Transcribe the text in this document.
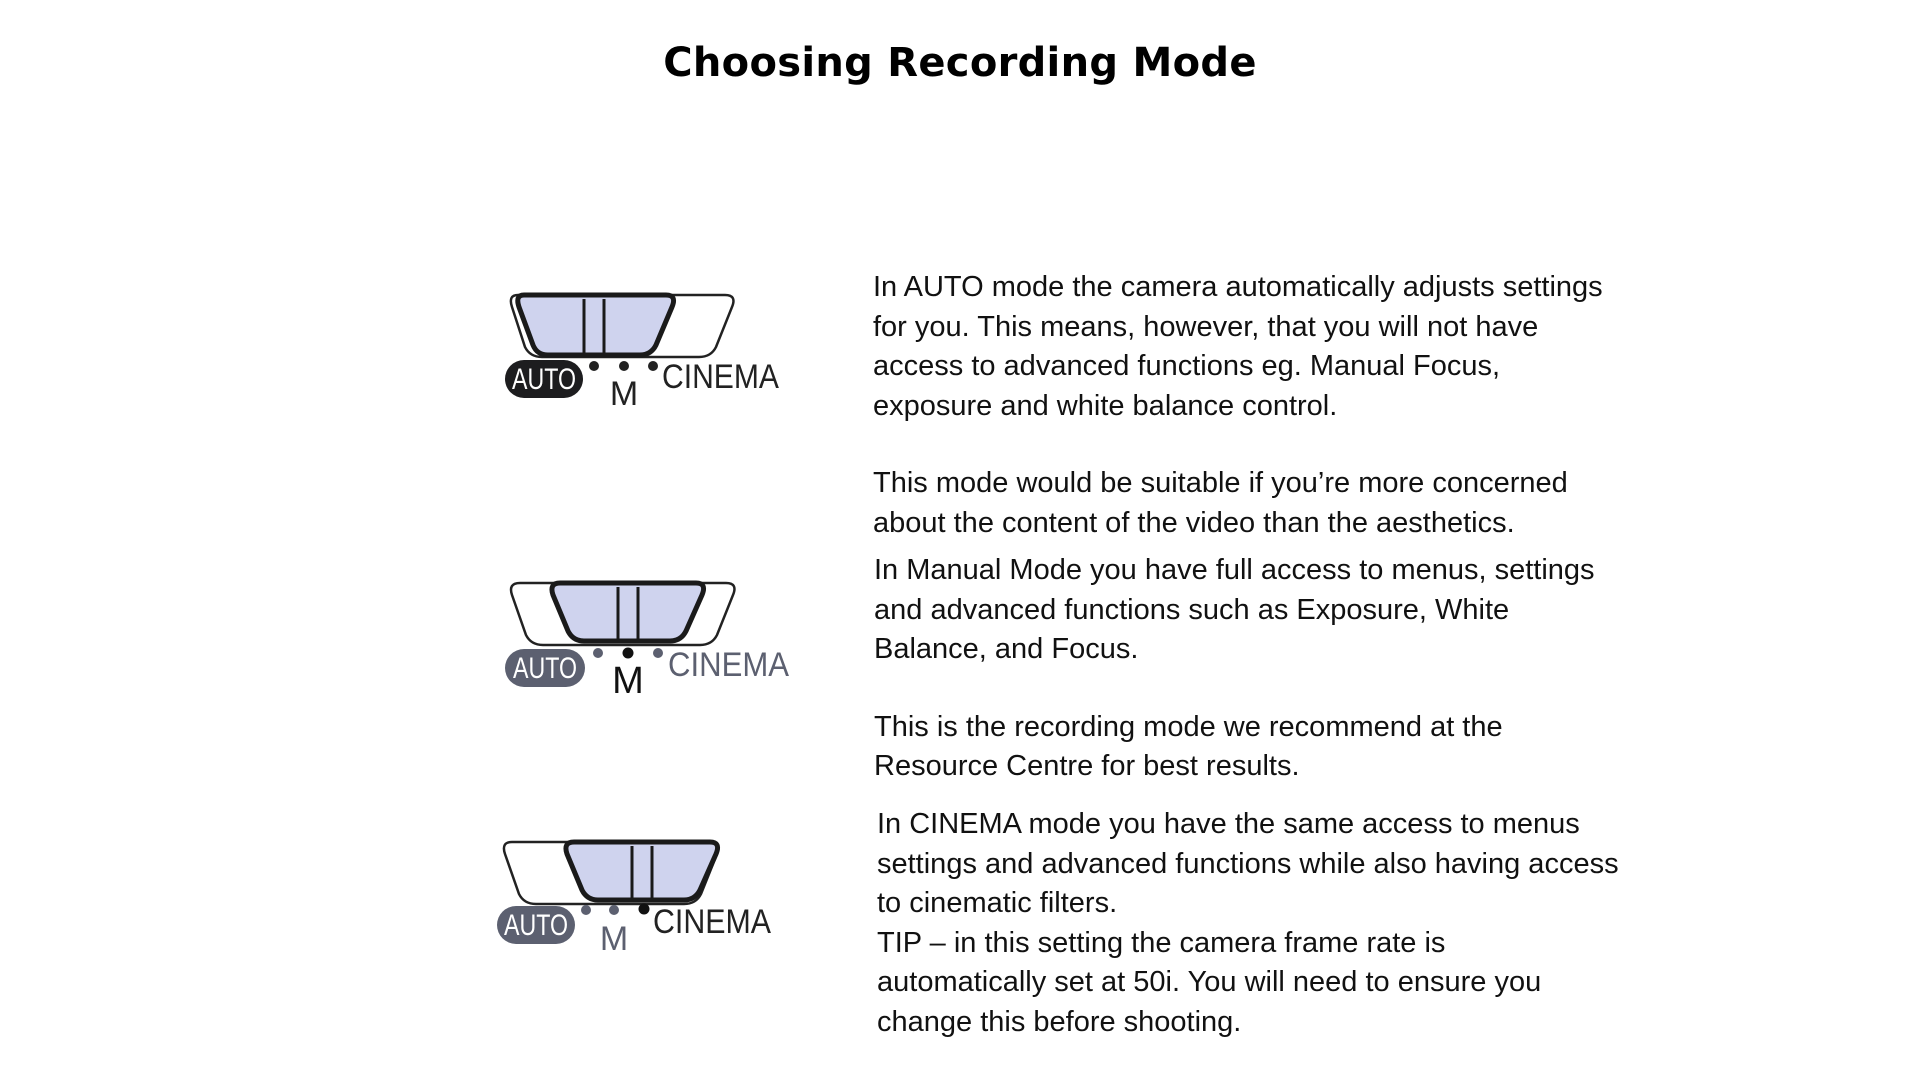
Choosing Recording Mode
AUTO M CINEMA
AUTO M CINEMA
AUTO M CINEMA

In AUTO mode the camera automatically adjusts settings for you. This means, however, that you will not have access to advanced functions eg. Manual Focus, exposure and white balance control.

This mode would be suitable if you’re more concerned about the content of the video than the aesthetics.

In Manual Mode you have full access to menus, settings and advanced functions such as Exposure, White Balance, and Focus.

This is the recording mode we recommend at the Resource Centre for best results.

In CINEMA mode you have the same access to menus settings and advanced functions while also having access to cinematic filters.

TIP – in this setting the camera frame rate is automatically set at 50i. You will need to ensure you change this before shooting.
